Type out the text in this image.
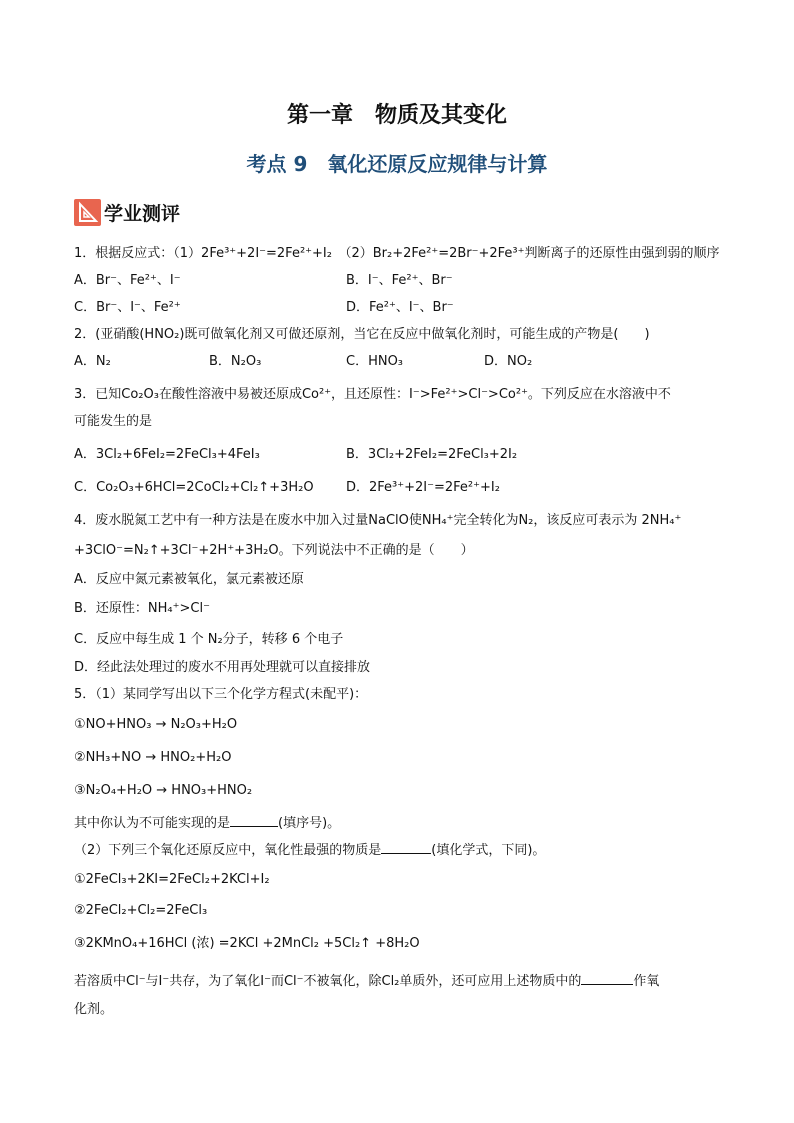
第一章　物质及其变化
考点 9　氧化还原反应规律与计算
学业测评
1．根据反应式：（1）2Fe³⁺+2I⁻=2Fe²⁺+I₂　（2）Br₂+2Fe²⁺=2Br⁻+2Fe³⁺判断离子的还原性由强到弱的顺序
A．Br⁻、Fe²⁺、I⁻	B．I⁻、Fe²⁺、Br⁻
C．Br⁻、I⁻、Fe²⁺	D．Fe²⁺、I⁻、Br⁻
2．(亚硝酸(HNO₂)既可做氧化剂又可做还原剂，当它在反应中做氧化剂时，可能生成的产物是(　　)
A．N₂	B．N₂O₃	C．HNO₃	D．NO₂
3．已知Co₂O₃在酸性溶液中易被还原成Co²⁺，且还原性：I⁻>Fe²⁺>Cl⁻>Co²⁺。下列反应在水溶液中不
可能发生的是
A．3Cl₂+6FeI₂=2FeCl₃+4FeI₃	B．3Cl₂+2FeI₂=2FeCl₃+2I₂
C．Co₂O₃+6HCl=2CoCl₂+Cl₂↑+3H₂O D．2Fe³⁺+2I⁻=2Fe²⁺+I₂
4．废水脱氮工艺中有一种方法是在废水中加入过量NaClO使NH₄⁺完全转化为N₂，该反应可表示为 2NH₄⁺
+3ClO⁻=N₂↑+3Cl⁻+2H⁺+3H₂O。下列说法中不正确的是（　　）
A．反应中氮元素被氧化，氯元素被还原
B．还原性：NH₄⁺>Cl⁻
C．反应中每生成 1 个 N₂分子，转移 6 个电子
D．经此法处理过的废水不用再处理就可以直接排放
5．（1）某同学写出以下三个化学方程式(未配平)：
①NO+HNO₃ → N₂O₃+H₂O
②NH₃+NO → HNO₂+H₂O
③N₂O₄+H₂O → HNO₃+HNO₂
其中你认为不可能实现的是	(填序号)。
（2）下列三个氧化还原反应中，氧化性最强的物质是	(填化学式，下同)。
①2FeCl₃+2KI=2FeCl₂+2KCl+I₂
②2FeCl₂+Cl₂=2FeCl₃
③2KMnO₄+16HCl (浓) =2KCl +2MnCl₂ +5Cl₂↑ +8H₂O
若溶质中Cl⁻与I⁻共存，为了氧化I⁻而Cl⁻不被氧化，除Cl₂单质外，还可应用上述物质中的	作氧
化剂。
